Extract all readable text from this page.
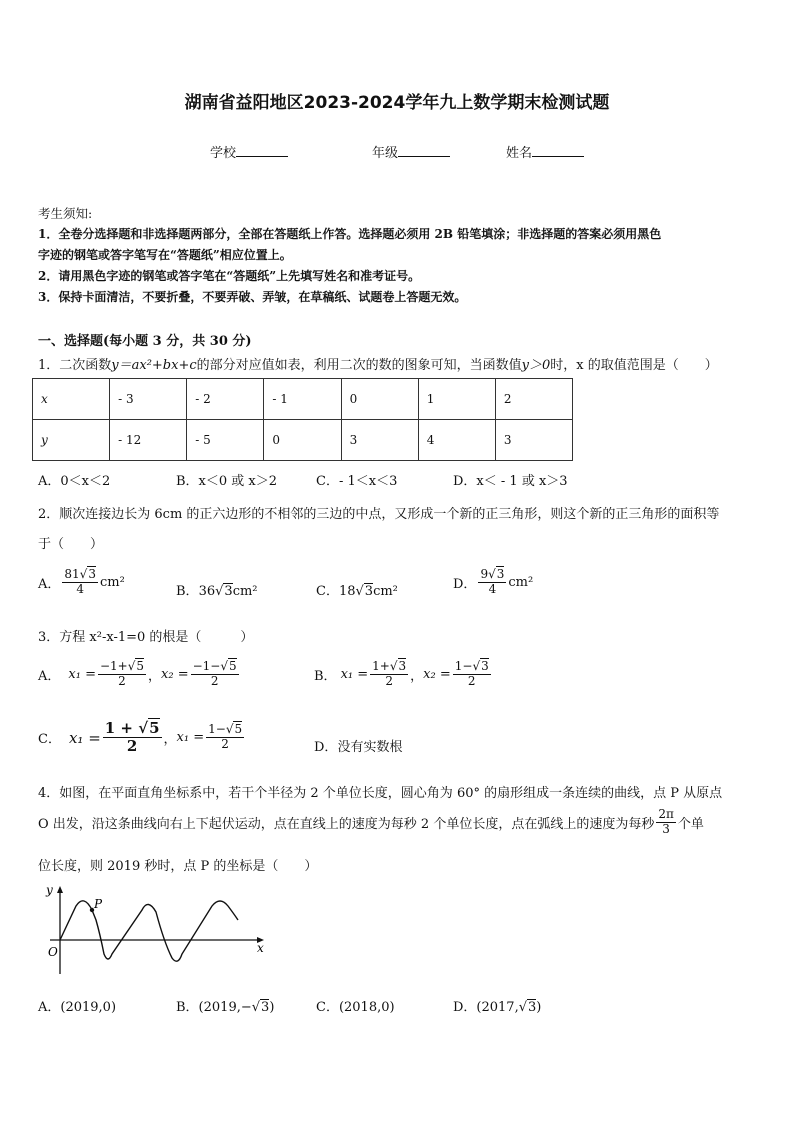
湖南省益阳地区2023-2024学年九上数学期末检测试题
学校	年级	姓名
考生须知:
1．全卷分选择题和非选择题两部分，全部在答题纸上作答。选择题必须用 2B 铅笔填涂；非选择题的答案必须用黑色
字迹的钢笔或答字笔写在“答题纸”相应位置上。
2．请用黑色字迹的钢笔或答字笔在“答题纸”上先填写姓名和准考证号。
3．保持卡面清洁，不要折叠，不要弄破、弄皱，在草稿纸、试题卷上答题无效。
一、选择题(每小题 3 分，共 30 分)
1．二次函数y＝ax²+bx+c的部分对应值如表，利用二次的数的图象可知，当函数值y＞0时，x 的取值范围是（　　）
x	- 3	- 2	- 1	0	1	2
y	- 12	- 5	0	3	4	3
A．0＜x＜2	B．x＜0 或 x＞2	C．- 1＜x＜3	D．x＜ - 1 或 x＞3
2．顺次连接边长为 6cm 的正六边形的不相邻的三边的中点，又形成一个新的正三角形，则这个新的正三角形的面积等
于（　　）
A． $\frac{81√3}{4} cm^2$
B．36√3cm²	C．18√3cm²	D． $\frac{9√3}{4} cm^2$
3．方程 x²-x-1=0 的根是（　　　）
A． $x_1 = \frac{-1+√5}{2}$ ， $x_2 = \frac{-1-√5}{2}$	B． $x_1 = \frac{1+√3}{2}$ ， $x_2 = \frac{1-√3}{2}$
C． $x_1 = \frac{1 + √5}{2}$ ， $x_1 = \frac{1-√5}{2}$	D．没有实数根
4．如图，在平面直角坐标系中，若干个半径为 2 个单位长度，圆心角为 60° 的扇形组成一条连续的曲线，点 P 从原点
O 出发，沿这条曲线向右上下起伏运动，点在直线上的速度为每秒 2 个单位长度，点在弧线上的速度为每秒 $\frac{2\pi}{3}$ 个单
位长度，则 2019 秒时，点 P 的坐标是（　　）
y
x
O
P
A．(2019,0)	B．(2019,−√3)	C．(2018,0)	D．(2017,√3)
